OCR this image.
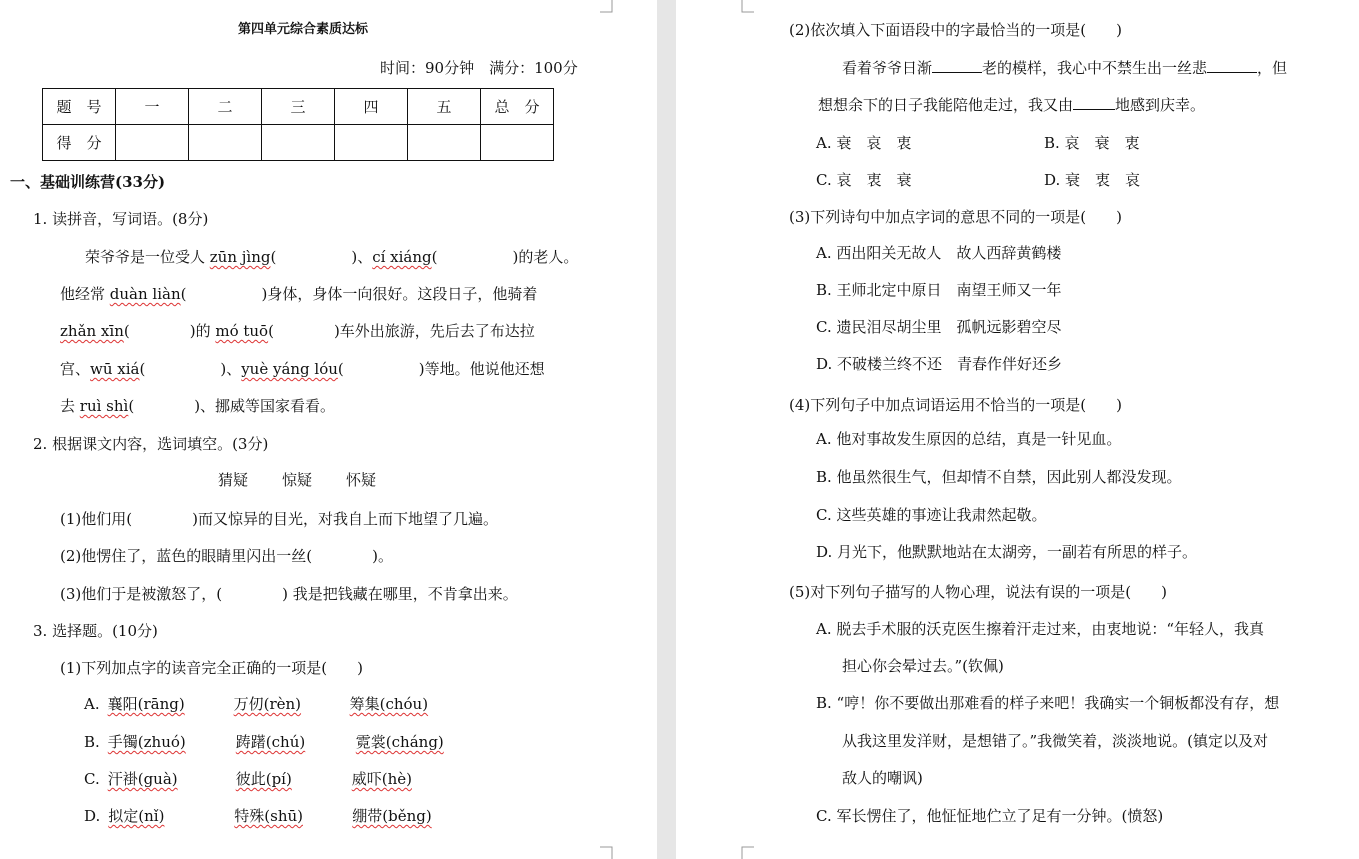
第四单元综合素质达标
时间：90分钟　满分：100分
题　号	一	二	三	四	五	总　分
得　分						
一、基础训练营(33分)
1. 读拼音，写词语。(8分)
荣爷爷是一位受人 zūn jìng(　　　　　)、cí xiáng(　　　　　)的老人。
他经常 duàn liàn(　　　　　)身体，身体一向很好。这段日子，他骑着
zhǎn xīn(　　　　)的 mó tuō(　　　　)车外出旅游，先后去了布达拉
宫、wū xiá(　　　　　)、yuè yáng lóu(　　　　　)等地。他说他还想
去 ruì shì(　　　　)、挪威等国家看看。
2. 根据课文内容，选词填空。(3分)
猜疑 惊疑 怀疑
(1)他们用(　　　　)而又惊异的目光，对我自上而下地望了几遍。
(2)他愣住了，蓝色的眼睛里闪出一丝(　　　　)。
(3)他们于是被激怒了，(　　　　) 我是把钱藏在哪里，不肯拿出来。
3. 选择题。(10分)
(1)下列加点字的读音完全正确的一项是(　　)
A. 襄阳(rāng)	万仞(rèn)	筹集(chóu)
B. 手镯(zhuó)	踌躇(chú)	霓裳(cháng)
C. 汗褂(guà)	彼此(pí)	威吓(hè)
D. 拟定(nǐ)	特殊(shū)	绷带(běng)
(2)依次填入下面语段中的字最恰当的一项是(　　)
看着爷爷日渐	老的模样，我心中不禁生出一丝悲	，但
想想余下的日子我能陪他走过，我又由	地感到庆幸。
A. 衰　哀　衷	B. 哀　衰　衷
C. 哀　衷　衰	D. 衰　衷　哀
(3)下列诗句中加点字词的意思不同的一项是(　　)
A. 西出阳关无故人　故人西辞黄鹤楼
B. 王师北定中原日　南望王师又一年
C. 遗民泪尽胡尘里　孤帆远影碧空尽
D. 不破楼兰终不还　青春作伴好还乡
(4)下列句子中加点词语运用不恰当的一项是(　　)
A. 他对事故发生原因的总结，真是一针见血。
B. 他虽然很生气，但却情不自禁，因此别人都没发现。
C. 这些英雄的事迹让我肃然起敬。
D. 月光下，他默默地站在太湖旁，一副若有所思的样子。
(5)对下列句子描写的人物心理，说法有误的一项是(　　)
A. 脱去手术服的沃克医生擦着汗走过来，由衷地说：“年轻人，我真
担心你会晕过去。”(钦佩)
B. “哼！你不要做出那难看的样子来吧！我确实一个铜板都没有存，想
从我这里发洋财，是想错了。”我微笑着，淡淡地说。(镇定以及对
敌人的嘲讽)
C. 军长愣住了，他怔怔地伫立了足有一分钟。(愤怒)
